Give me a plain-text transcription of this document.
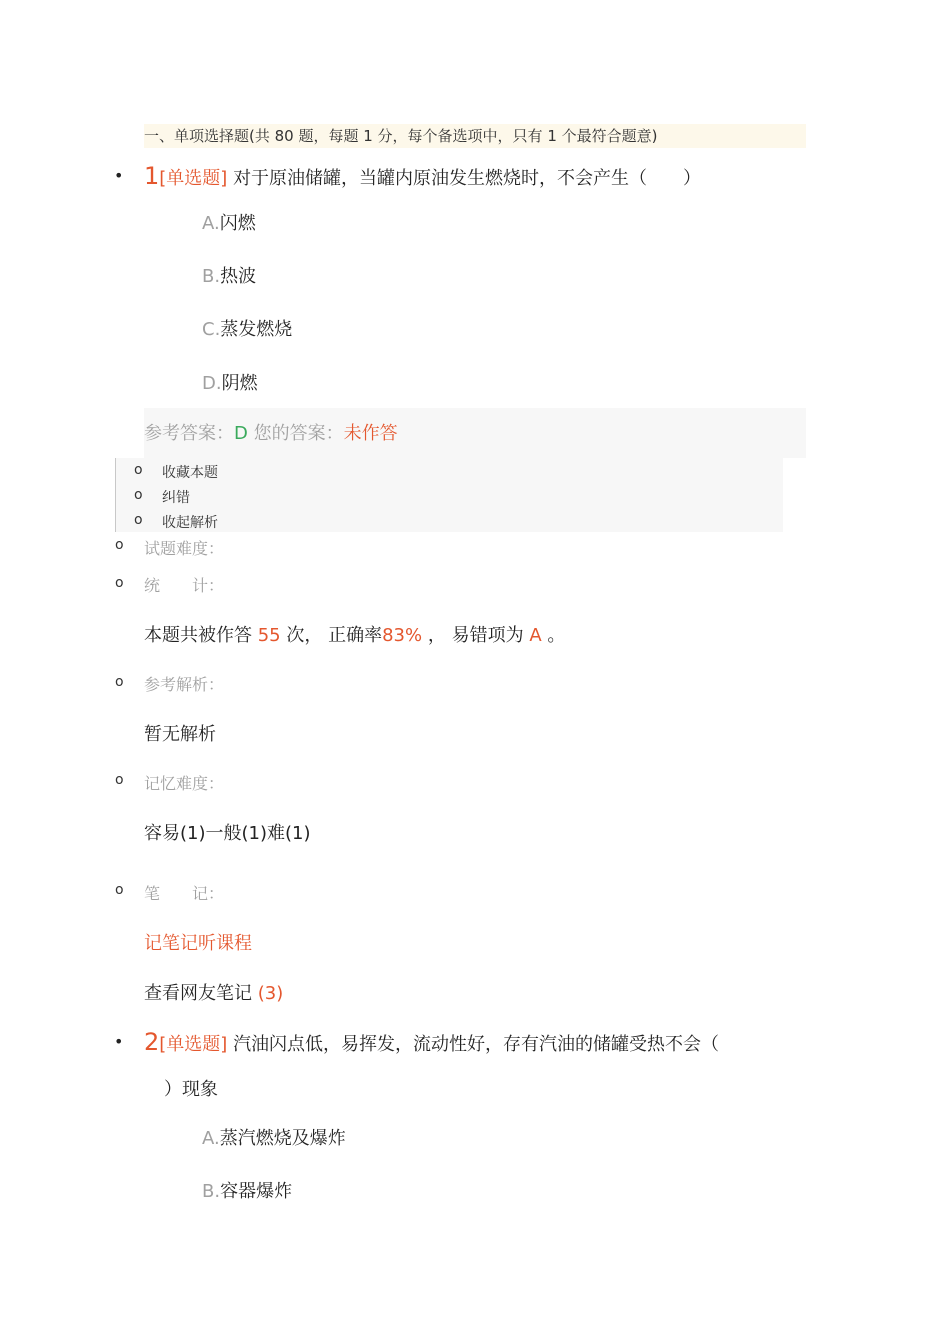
一、单项选择题(共 80 题，每题 1 分，每个备选项中，只有 1 个最符合题意)
• 1[单选题] 对于原油储罐，当罐内原油发生燃烧时，不会产生（　　）
A.闪燃
B.热波
C.蒸发燃烧
D.阴燃
参考答案：D 您的答案：未作答
o 收藏本题
o 纠错
o 收起解析
o 试题难度：
o 统　　计：
本题共被作答 55 次， 正确率83% ， 易错项为 A 。
o 参考解析：
暂无解析
o 记忆难度：
容易(1)一般(1)难(1)
o 笔　　记：
记笔记听课程
查看网友笔记 (3)
• 2[单选题] 汽油闪点低，易挥发，流动性好，存有汽油的储罐受热不会（
）现象
A.蒸汽燃烧及爆炸
B.容器爆炸
